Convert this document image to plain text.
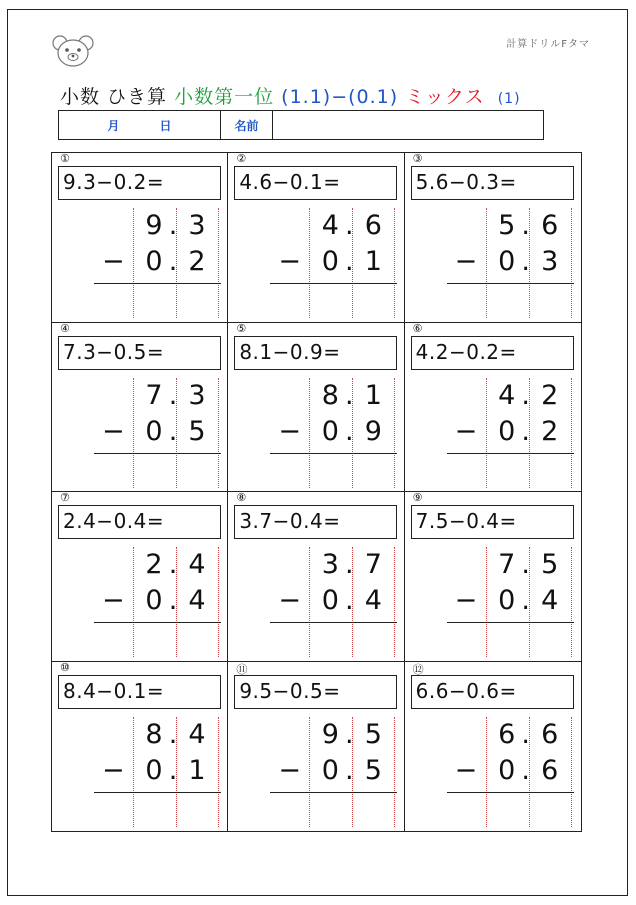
計算ドリルFタマ
小数 ひき算 小数第一位 (1.1)−(0.1) ミックス (1)
月	日	名前
①
9.3−0.2=
9 . 3
− 0 . 2
②
4.6−0.1=
4 . 6
− 0 . 1
③
5.6−0.3=
5 . 6
− 0 . 3
④
7.3−0.5=
7 . 3
− 0 . 5
⑤
8.1−0.9=
8 . 1
− 0 . 9
⑥
4.2−0.2=
4 . 2
− 0 . 2
⑦
2.4−0.4=
2 . 4
− 0 . 4
⑧
3.7−0.4=
3 . 7
− 0 . 4
⑨
7.5−0.4=
7 . 5
− 0 . 4
⑩
8.4−0.1=
8 . 4
− 0 . 1
⑪
9.5−0.5=
9 . 5
− 0 . 5
⑫
6.6−0.6=
6 . 6
− 0 . 6
